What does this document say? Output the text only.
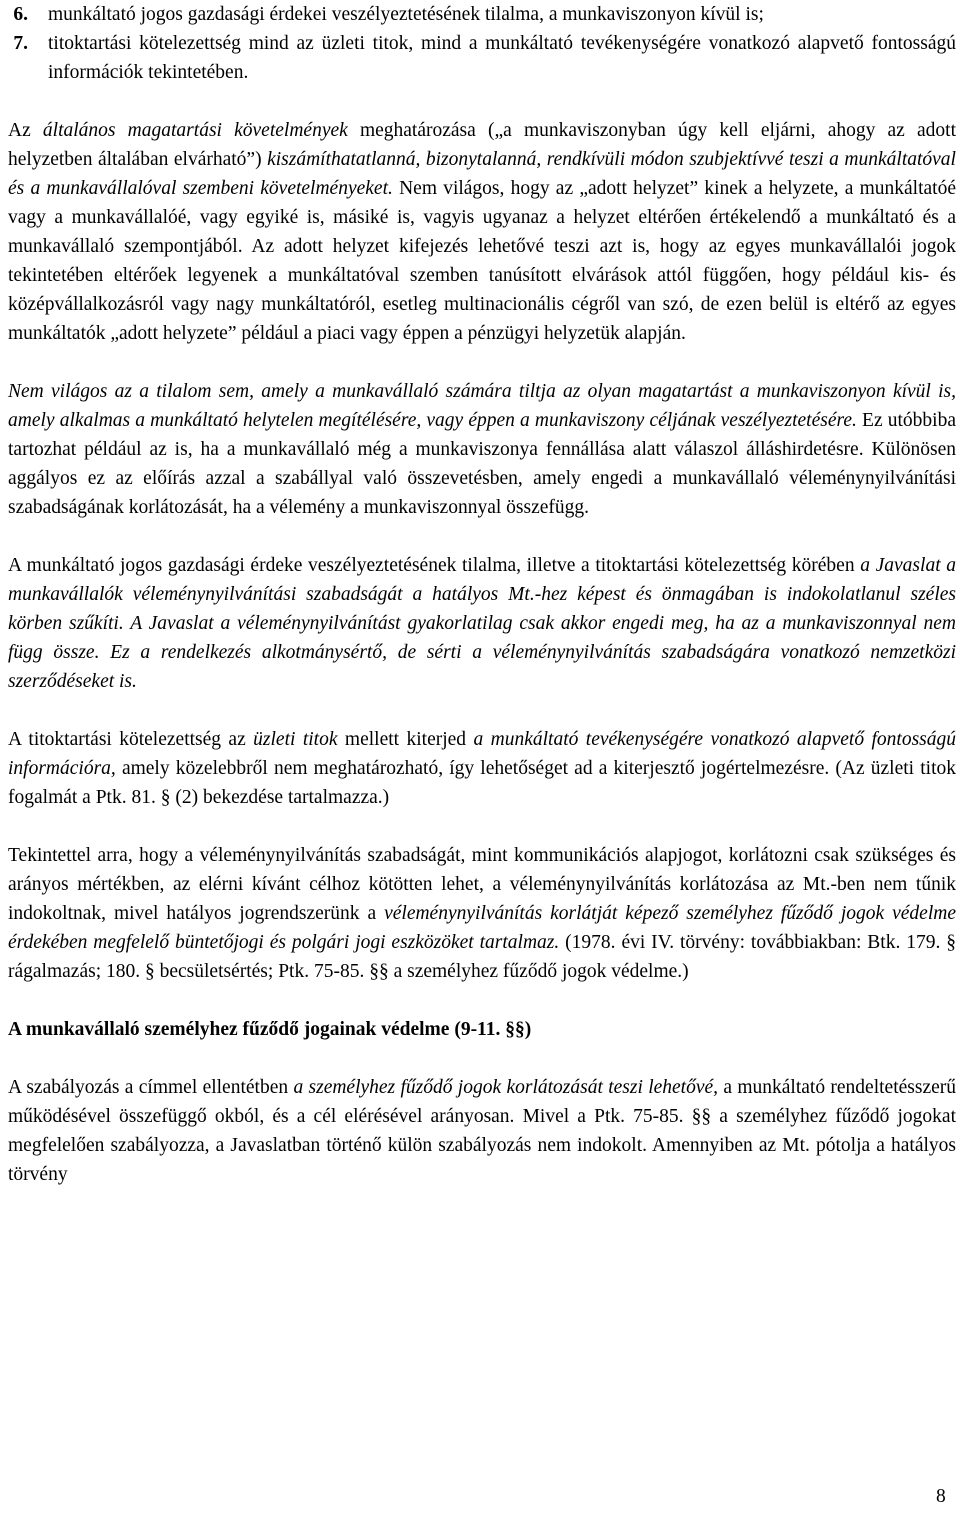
6.	munkáltató jogos gazdasági érdekei veszélyeztetésének tilalma, a munkaviszonyon kívül is;
7.	titoktartási kötelezettség mind az üzleti titok, mind a munkáltató tevékenységére vonatkozó alapvető fontosságú információk tekintetében.

Az általános magatartási követelmények meghatározása („a munkaviszonyban úgy kell eljárni, ahogy az adott helyzetben általában elvárható”) kiszámíthatatlanná, bizonytalanná, rendkívüli módon szubjektívvé teszi a munkáltatóval és a munkavállalóval szembeni követelményeket. Nem világos, hogy az „adott helyzet” kinek a helyzete, a munkáltatóé vagy a munkavállalóé, vagy egyiké is, másiké is, vagyis ugyanaz a helyzet eltérően értékelendő a munkáltató és a munkavállaló szempontjából. Az adott helyzet kifejezés lehetővé teszi azt is, hogy az egyes munkavállalói jogok tekintetében eltérőek legyenek a munkáltatóval szemben tanúsított elvárások attól függően, hogy például kis- és középvállalkozásról vagy nagy munkáltatóról, esetleg multinacionális cégről van szó, de ezen belül is eltérő az egyes munkáltatók „adott helyzete” például a piaci vagy éppen a pénzügyi helyzetük alapján.

Nem világos az a tilalom sem, amely a munkavállaló számára tiltja az olyan magatartást a munkaviszonyon kívül is, amely alkalmas a munkáltató helytelen megítélésére, vagy éppen a munkaviszony céljának veszélyeztetésére. Ez utóbbiba tartozhat például az is, ha a munkavállaló még a munkaviszonya fennállása alatt válaszol álláshirdetésre. Különösen aggályos ez az előírás azzal a szabállyal való összevetésben, amely engedi a munkavállaló véleménynyilvánítási szabadságának korlátozását, ha a vélemény a munkaviszonnyal összefügg.

A munkáltató jogos gazdasági érdeke veszélyeztetésének tilalma, illetve a titoktartási kötelezettség körében a Javaslat a munkavállalók véleménynyilvánítási szabadságát a hatályos Mt.-hez képest és önmagában is indokolatlanul széles körben szűkíti. A Javaslat a véleménynyilvánítást gyakorlatilag csak akkor engedi meg, ha az a munkaviszonnyal nem függ össze. Ez a rendelkezés alkotmánysértő, de sérti a véleménynyilvánítás szabadságára vonatkozó nemzetközi szerződéseket is.

A titoktartási kötelezettség az üzleti titok mellett kiterjed a munkáltató tevékenységére vonatkozó alapvető fontosságú információra, amely közelebbről nem meghatározható, így lehetőséget ad a kiterjesztő jogértelmezésre. (Az üzleti titok fogalmát a Ptk. 81. § (2) bekezdése tartalmazza.)

Tekintettel arra, hogy a véleménynyilvánítás szabadságát, mint kommunikációs alapjogot, korlátozni csak szükséges és arányos mértékben, az elérni kívánt célhoz kötötten lehet, a véleménynyilvánítás korlátozása az Mt.-ben nem tűnik indokoltnak, mivel hatályos jogrendszerünk a véleménynyilvánítás korlátját képező személyhez fűződő jogok védelme érdekében megfelelő büntetőjogi és polgári jogi eszközöket tartalmaz. (1978. évi IV. törvény: továbbiakban: Btk. 179. § rágalmazás; 180. § becsületsértés; Ptk. 75-85. §§ a személyhez fűződő jogok védelme.)

A munkavállaló személyhez fűződő jogainak védelme (9-11. §§)

A szabályozás a címmel ellentétben a személyhez fűződő jogok korlátozását teszi lehetővé, a munkáltató rendeltetésszerű működésével összefüggő okból, és a cél elérésével arányosan. Mivel a Ptk. 75-85. §§ a személyhez fűződő jogokat megfelelően szabályozza, a Javaslatban történő külön szabályozás nem indokolt. Amennyiben az Mt. pótolja a hatályos törvény

8
